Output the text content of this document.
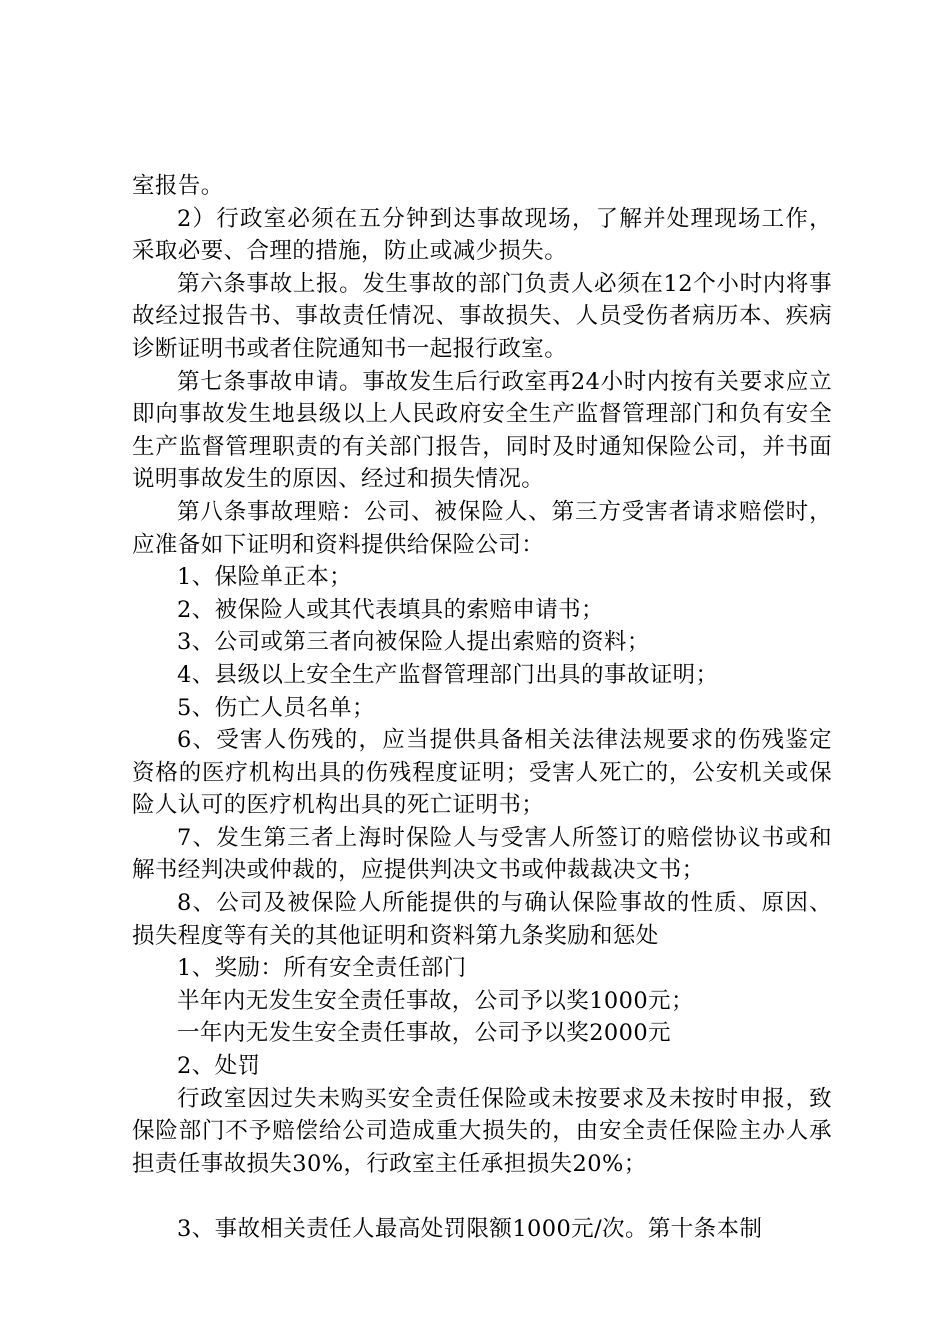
室报告。

2）行政室必须在五分钟到达事故现场，了解并处理现场工作，采取必要、合理的措施，防止或减少损失。

第六条事故上报。发生事故的部门负责人必须在12个小时内将事故经过报告书、事故责任情况、事故损失、人员受伤者病历本、疾病诊断证明书或者住院通知书一起报行政室。

第七条事故申请。事故发生后行政室再24小时内按有关要求应立即向事故发生地县级以上人民政府安全生产监督管理部门和负有安全生产监督管理职责的有关部门报告，同时及时通知保险公司，并书面说明事故发生的原因、经过和损失情况。

第八条事故理赔：公司、被保险人、第三方受害者请求赔偿时，应准备如下证明和资料提供给保险公司：

1、保险单正本；

2、被保险人或其代表填具的索赔申请书；

3、公司或第三者向被保险人提出索赔的资料；

4、县级以上安全生产监督管理部门出具的事故证明；

5、伤亡人员名单；

6、受害人伤残的，应当提供具备相关法律法规要求的伤残鉴定资格的医疗机构出具的伤残程度证明；受害人死亡的，公安机关或保险人认可的医疗机构出具的死亡证明书；

7、发生第三者上海时保险人与受害人所签订的赔偿协议书或和解书经判决或仲裁的，应提供判决文书或仲裁裁决文书；

8、公司及被保险人所能提供的与确认保险事故的性质、原因、损失程度等有关的其他证明和资料第九条奖励和惩处

1、奖励：所有安全责任部门

半年内无发生安全责任事故，公司予以奖1000元；

一年内无发生安全责任事故，公司予以奖2000元

2、处罚

行政室因过失未购买安全责任保险或未按要求及未按时申报，致保险部门不予赔偿给公司造成重大损失的，由安全责任保险主办人承担责任事故损失30%，行政室主任承担损失20%；

3、事故相关责任人最高处罚限额1000元/次。第十条本制
